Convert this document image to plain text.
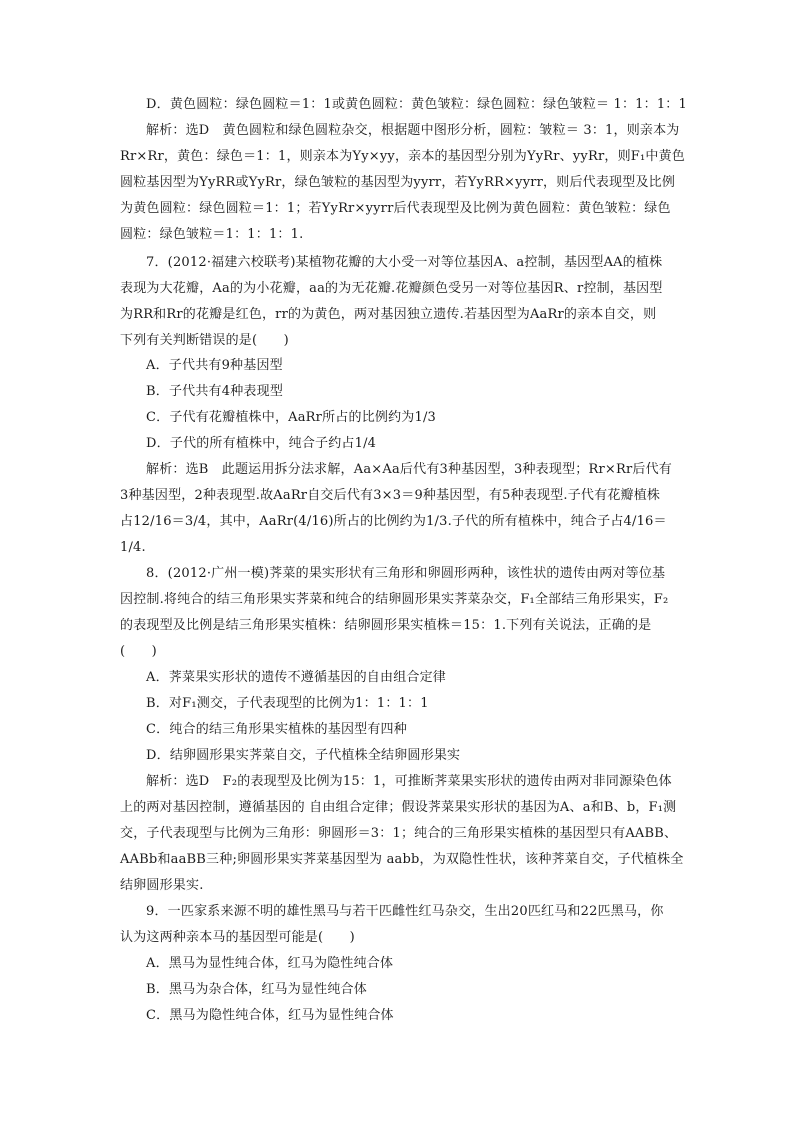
D．黄色圆粒：绿色圆粒＝1：1或黄色圆粒：黄色皱粒：绿色圆粒：绿色皱粒＝ 1：1：1：1
解析：选D　黄色圆粒和绿色圆粒杂交，根据题中图形分析，圆粒：皱粒＝ 3：1，则亲本为
Rr×Rr，黄色：绿色＝1：1，则亲本为Yy×yy，亲本的基因型分别为YyRr、yyRr，则F₁中黄色
圆粒基因型为YyRR或YyRr，绿色皱粒的基因型为yyrr，若YyRR×yyrr，则后代表现型及比例
为黄色圆粒：绿色圆粒＝1：1；若YyRr×yyrr后代表现型及比例为黄色圆粒：黄色皱粒：绿色
圆粒：绿色皱粒＝1：1：1：1.
7．(2012·福建六校联考)某植物花瓣的大小受一对等位基因A、a控制，基因型AA的植株
表现为大花瓣，Aa的为小花瓣，aa的为无花瓣.花瓣颜色受另一对等位基因R、r控制，基因型
为RR和Rr的花瓣是红色，rr的为黄色，两对基因独立遗传.若基因型为AaRr的亲本自交，则
下列有关判断错误的是(　　)
A．子代共有9种基因型
B．子代共有4种表现型
C．子代有花瓣植株中，AaRr所占的比例约为1/3
D．子代的所有植株中，纯合子约占1/4
解析：选B　此题运用拆分法求解，Aa×Aa后代有3种基因型，3种表现型；Rr×Rr后代有
3种基因型，2种表现型.故AaRr自交后代有3×3＝9种基因型，有5种表现型.子代有花瓣植株
占12/16＝3/4，其中，AaRr(4/16)所占的比例约为1/3.子代的所有植株中，纯合子占4/16＝
1/4.
8．(2012·广州一模)荠菜的果实形状有三角形和卵圆形两种，该性状的遗传由两对等位基
因控制.将纯合的结三角形果实荠菜和纯合的结卵圆形果实荠菜杂交，F₁全部结三角形果实，F₂
的表现型及比例是结三角形果实植株：结卵圆形果实植株＝15：1.下列有关说法，正确的是
(　　)
A．荠菜果实形状的遗传不遵循基因的自由组合定律
B．对F₁测交，子代表现型的比例为1：1：1：1
C．纯合的结三角形果实植株的基因型有四种
D．结卵圆形果实荠菜自交，子代植株全结卵圆形果实
解析：选D　F₂的表现型及比例为15：1，可推断荠菜果实形状的遗传由两对非同源染色体
上的两对基因控制，遵循基因的 自由组合定律；假设荠菜果实形状的基因为A、a和B、b，F₁测
交，子代表现型与比例为三角形：卵圆形＝3：1；纯合的三角形果实植株的基因型只有AABB、
AABb和aaBB三种;卵圆形果实荠菜基因型为 aabb，为双隐性性状，该种荠菜自交，子代植株全
结卵圆形果实.
9．一匹家系来源不明的雄性黑马与若干匹雌性红马杂交，生出20匹红马和22匹黑马，你
认为这两种亲本马的基因型可能是(　　)
A．黑马为显性纯合体，红马为隐性纯合体
B．黑马为杂合体，红马为显性纯合体
C．黑马为隐性纯合体，红马为显性纯合体
